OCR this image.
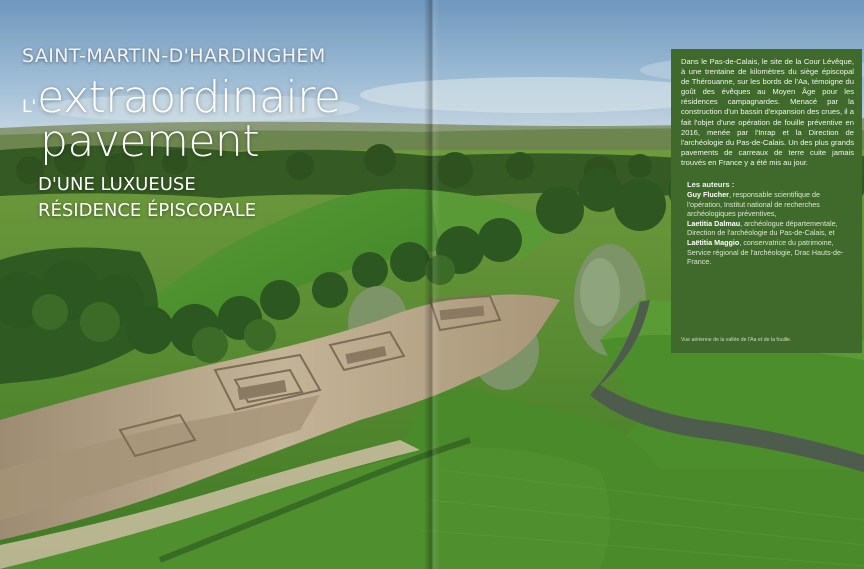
SAINT-MARTIN-D'HARDINGHEM

L' extraordinaire
pavement
D'UNE LUXUEUSE
RÉSIDENCE ÉPISCOPALE

Dans le Pas-de-Calais, le site de la Cour Lévêque, à une trentaine de kilomètres du siège épiscopal de Thérouanne, sur les bords de l'Aa, témoigne du goût des évêques au Moyen Âge pour les résidences campagnardes. Menacé par la construction d'un bassin d'expansion des crues, il a fait l'objet d'une opération de fouille préventive en 2016, menée par l'Inrap et la Direction de l'archéologie du Pas-de-Calais. Un des plus grands pavements de carreaux de terre cuite jamais trouvés en France y a été mis au jour.

Les auteurs :

Guy Flucher, responsable scientifique de l'opération, Institut national de recherches archéologiques préventives,

Laetitia Dalmau, archéologue départementale, Direction de l'archéologie du Pas-de-Calais, et

Laëtitia Maggio, conservatrice du patrimoine, Service régional de l'archéologie, Drac Hauts-de-France.

Vue aérienne de la vallée de l'Aa et de la fouille.
